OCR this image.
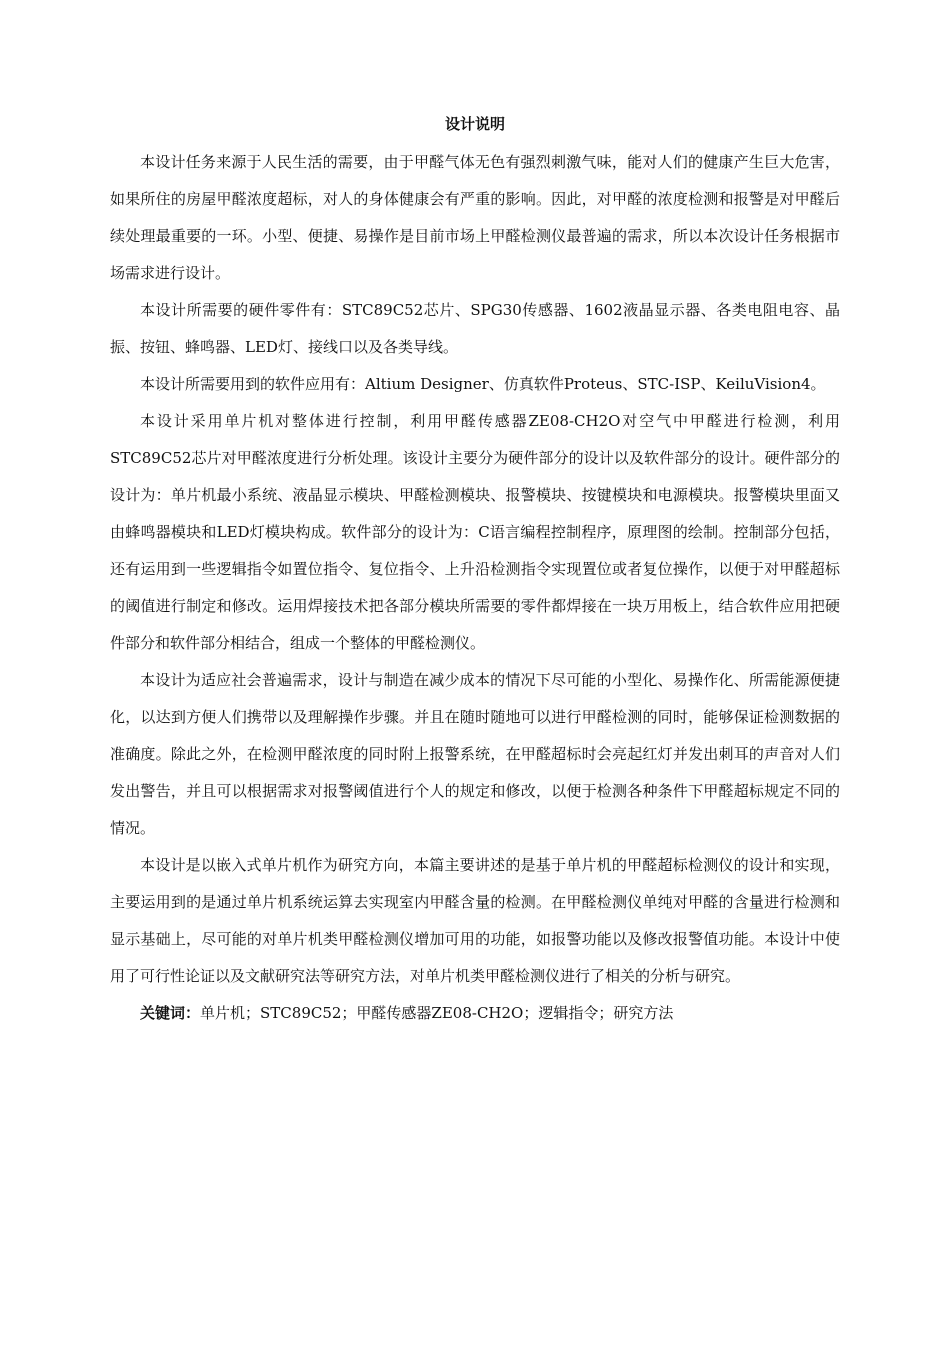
设计说明

本设计任务来源于人民生活的需要，由于甲醛气体无色有强烈刺激气味，能对人们的健康产生巨大危害，如果所住的房屋甲醛浓度超标，对人的身体健康会有严重的影响。因此，对甲醛的浓度检测和报警是对甲醛后续处理最重要的一环。小型、便捷、易操作是目前市场上甲醛检测仪最普遍的需求，所以本次设计任务根据市场需求进行设计。

本设计所需要的硬件零件有：STC89C52芯片、SPG30传感器、1602液晶显示器、各类电阻电容、晶振、按钮、蜂鸣器、LED灯、接线口以及各类导线。

本设计所需要用到的软件应用有：Altium Designer、仿真软件Proteus、STC-ISP、KeiluVision4。

本设计采用单片机对整体进行控制，利用甲醛传感器ZE08-CH2O对空气中甲醛进行检测，利用STC89C52芯片对甲醛浓度进行分析处理。该设计主要分为硬件部分的设计以及软件部分的设计。硬件部分的设计为：单片机最小系统、液晶显示模块、甲醛检测模块、报警模块、按键模块和电源模块。报警模块里面又由蜂鸣器模块和LED灯模块构成。软件部分的设计为：C语言编程控制程序，原理图的绘制。控制部分包括，还有运用到一些逻辑指令如置位指令、复位指令、上升沿检测指令实现置位或者复位操作，以便于对甲醛超标的阈值进行制定和修改。运用焊接技术把各部分模块所需要的零件都焊接在一块万用板上，结合软件应用把硬件部分和软件部分相结合，组成一个整体的甲醛检测仪。

本设计为适应社会普遍需求，设计与制造在减少成本的情况下尽可能的小型化、易操作化、所需能源便捷化，以达到方便人们携带以及理解操作步骤。并且在随时随地可以进行甲醛检测的同时，能够保证检测数据的准确度。除此之外，在检测甲醛浓度的同时附上报警系统，在甲醛超标时会亮起红灯并发出刺耳的声音对人们发出警告，并且可以根据需求对报警阈值进行个人的规定和修改，以便于检测各种条件下甲醛超标规定不同的情况。

本设计是以嵌入式单片机作为研究方向，本篇主要讲述的是基于单片机的甲醛超标检测仪的设计和实现，主要运用到的是通过单片机系统运算去实现室内甲醛含量的检测。在甲醛检测仪单纯对甲醛的含量进行检测和显示基础上，尽可能的对单片机类甲醛检测仪增加可用的功能，如报警功能以及修改报警值功能。本设计中使用了可行性论证以及文献研究法等研究方法，对单片机类甲醛检测仪进行了相关的分析与研究。

关键词：单片机；STC89C52；甲醛传感器ZE08-CH2O；逻辑指令；研究方法
